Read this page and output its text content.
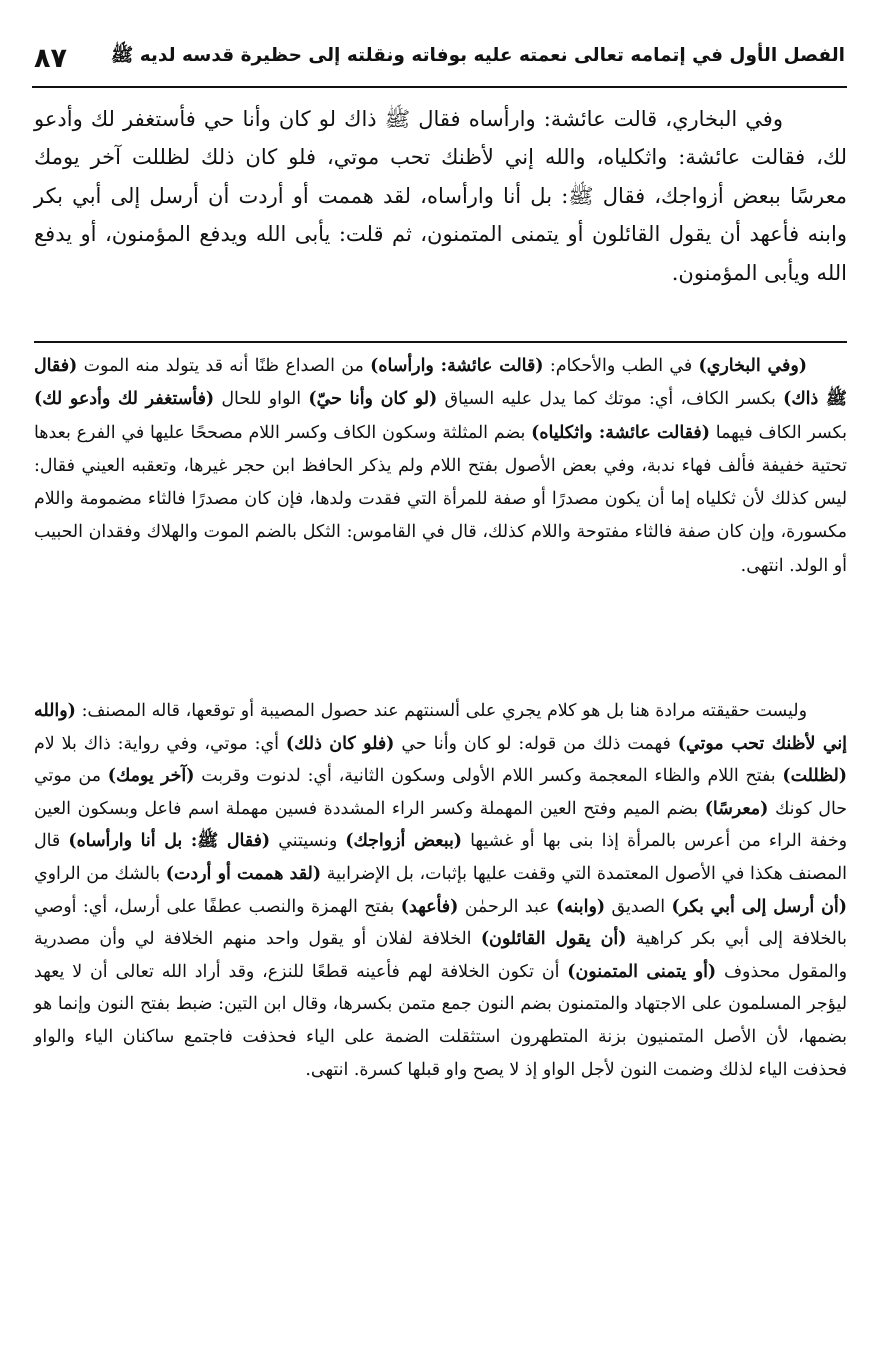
الفصل الأول في إتمامه تعالى نعمته عليه بوفاته ونقلته إلى حظيرة قدسه لديه ﷺ
٨٧

وفي البخاري، قالت عائشة: وارأساه فقال ﷺ ذاك لو كان وأنا حي فأستغفر لك وأدعو لك، فقالت عائشة: واثكلياه، والله إني لأظنك تحب موتي، فلو كان ذلك لظللت آخر يومك معرسًا ببعض أزواجك، فقال ﷺ: بل أنا وارأساه، لقد هممت أو أردت أن أرسل إلى أبي بكر وابنه فأعهد أن يقول القائلون أو يتمنى المتمنون، ثم قلت: يأبى الله ويدفع المؤمنون، أو يدفع الله ويأبى المؤمنون.

(وفي البخاري) في الطب والأحكام: (قالت عائشة: وارأساه) من الصداع ظنًا أنه قد يتولد منه الموت (فقال ﷺ ذاك) بكسر الكاف، أي: موتك كما يدل عليه السياق (لو كان وأنا حيّ) الواو للحال (فأستغفر لك وأدعو لك) بكسر الكاف فيهما (فقالت عائشة: واثكلياه) بضم المثلثة وسكون الكاف وكسر اللام مصححًا عليها في الفرع بعدها تحتية خفيفة فألف فهاء ندبة، وفي بعض الأصول بفتح اللام ولم يذكر الحافظ ابن حجر غيرها، وتعقبه العيني فقال: ليس كذلك لأن ثكلياه إما أن يكون مصدرًا أو صفة للمرأة التي فقدت ولدها، فإن كان مصدرًا فالثاء مضمومة واللام مكسورة، وإن كان صفة فالثاء مفتوحة واللام كذلك، قال في القاموس: الثكل بالضم الموت والهلاك وفقدان الحبيب أو الولد. انتهى.

وليست حقيقته مرادة هنا بل هو كلام يجري على ألسنتهم عند حصول المصيبة أو توقعها، قاله المصنف: (والله إني لأظنك تحب موتي) فهمت ذلك من قوله: لو كان وأنا حي (فلو كان ذلك) أي: موتي، وفي رواية: ذاك بلا لام (لظللت) بفتح اللام والظاء المعجمة وكسر اللام الأولى وسكون الثانية، أي: لدنوت وقربت (آخر يومك) من موتي حال كونك (معرسًا) بضم الميم وفتح العين المهملة وكسر الراء المشددة فسين مهملة اسم فاعل وبسكون العين وخفة الراء من أعرس بالمرأة إذا بنى بها أو غشيها (ببعض أزواجك) ونسيتني (فقال ﷺ: بل أنا وارأساه) قال المصنف هكذا في الأصول المعتمدة التي وقفت عليها بإثبات، بل الإضرابية (لقد هممت أو أردت) بالشك من الراوي (أن أرسل إلى أبي بكر) الصديق (وابنه) عبد الرحمٰن (فأعهد) بفتح الهمزة والنصب عطفًا على أرسل، أي: أوصي بالخلافة إلى أبي بكر كراهية (أن يقول القائلون) الخلافة لفلان أو يقول واحد منهم الخلافة لي وأن مصدرية والمقول محذوف (أو يتمنى المتمنون) أن تكون الخلافة لهم فأعينه قطعًا للنزع، وقد أراد الله تعالى أن لا يعهد ليؤجر المسلمون على الاجتهاد والمتمنون بضم النون جمع متمن بكسرها، وقال ابن التين: ضبط بفتح النون وإنما هو بضمها، لأن الأصل المتمنيون بزنة المتطهرون استثقلت الضمة على الياء فحذفت فاجتمع ساكنان الياء والواو فحذفت الياء لذلك وضمت النون لأجل الواو إذ لا يصح واو قبلها كسرة. انتهى.
